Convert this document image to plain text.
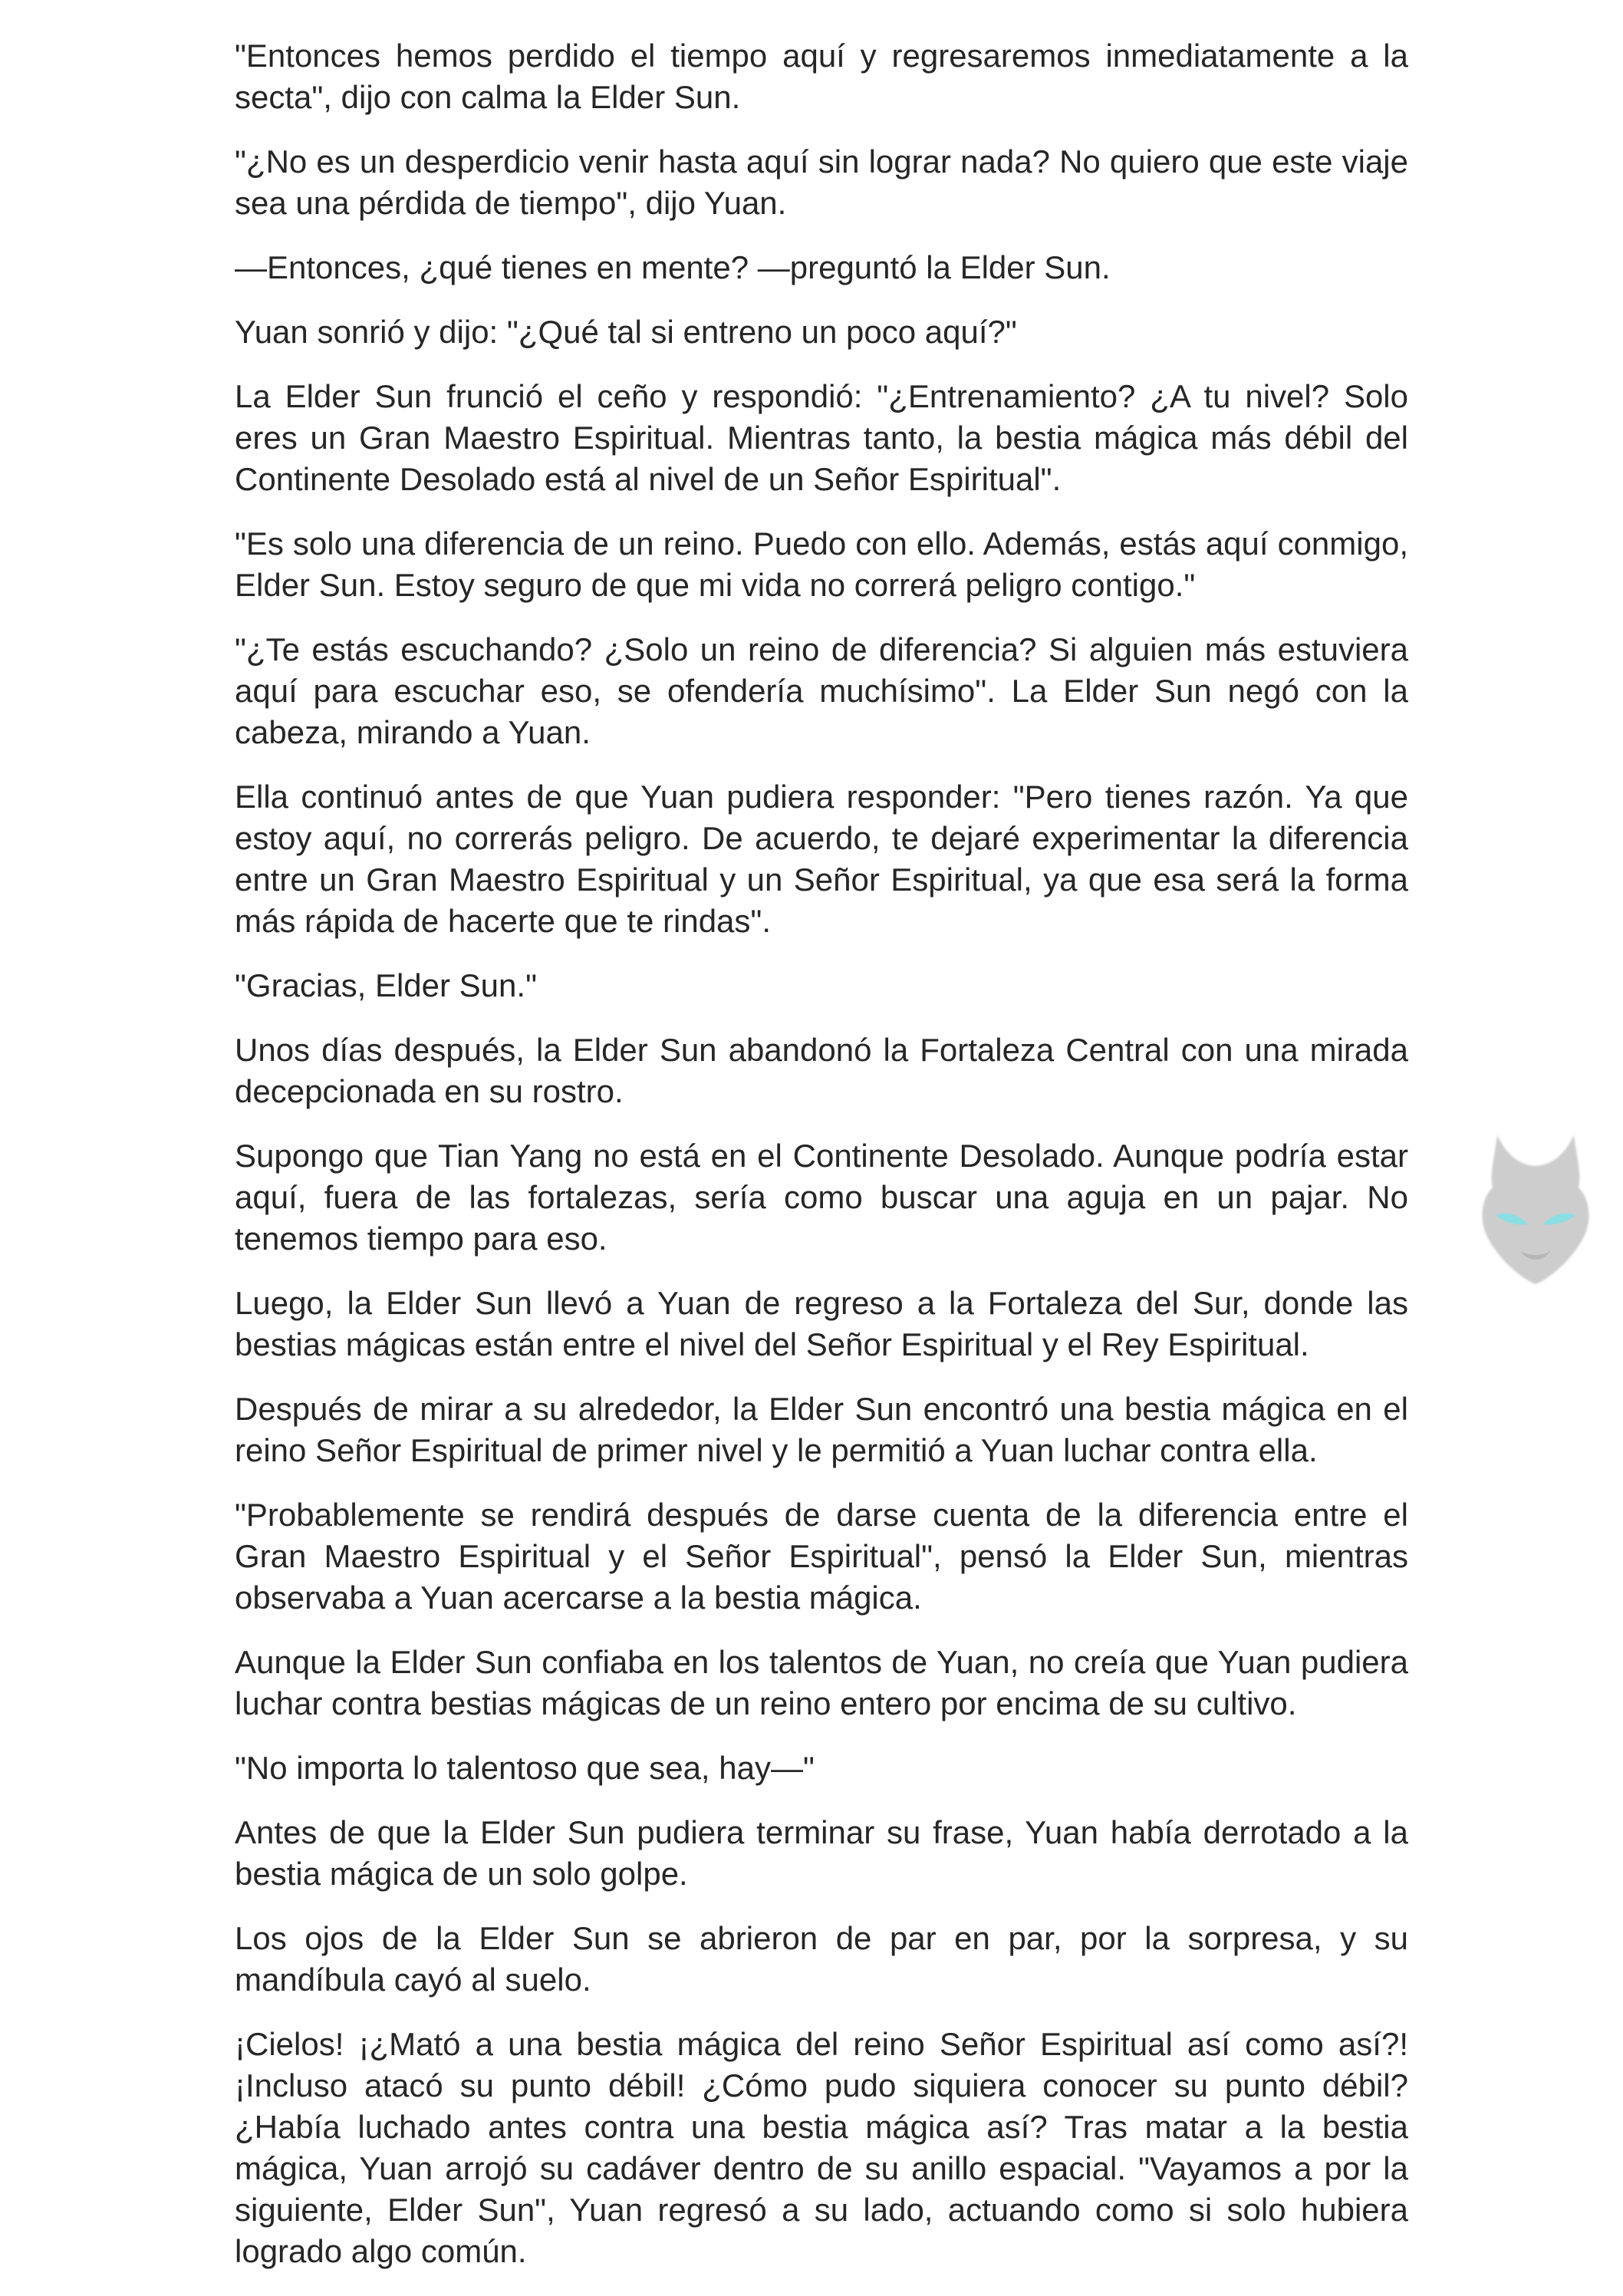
"Entonces hemos perdido el tiempo aquí y regresaremos inmediatamente a la secta", dijo con calma la Elder Sun.

"¿No es un desperdicio venir hasta aquí sin lograr nada? No quiero que este viaje sea una pérdida de tiempo", dijo Yuan.

—Entonces, ¿qué tienes en mente? —preguntó la Elder Sun.

Yuan sonrió y dijo: "¿Qué tal si entreno un poco aquí?"

La Elder Sun frunció el ceño y respondió: "¿Entrenamiento? ¿A tu nivel? Solo eres un Gran Maestro Espiritual. Mientras tanto, la bestia mágica más débil del Continente Desolado está al nivel de un Señor Espiritual".

"Es solo una diferencia de un reino. Puedo con ello. Además, estás aquí conmigo, Elder Sun. Estoy seguro de que mi vida no correrá peligro contigo."

"¿Te estás escuchando? ¿Solo un reino de diferencia? Si alguien más estuviera aquí para escuchar eso, se ofendería muchísimo". La Elder Sun negó con la cabeza, mirando a Yuan.

Ella continuó antes de que Yuan pudiera responder: "Pero tienes razón. Ya que estoy aquí, no correrás peligro. De acuerdo, te dejaré experimentar la diferencia entre un Gran Maestro Espiritual y un Señor Espiritual, ya que esa será la forma más rápida de hacerte que te rindas".

"Gracias, Elder Sun."

Unos días después, la Elder Sun abandonó la Fortaleza Central con una mirada decepcionada en su rostro.

Supongo que Tian Yang no está en el Continente Desolado. Aunque podría estar aquí, fuera de las fortalezas, sería como buscar una aguja en un pajar. No tenemos tiempo para eso.

Luego, la Elder Sun llevó a Yuan de regreso a la Fortaleza del Sur, donde las bestias mágicas están entre el nivel del Señor Espiritual y el Rey Espiritual.

Después de mirar a su alrededor, la Elder Sun encontró una bestia mágica en el reino Señor Espiritual de primer nivel y le permitió a Yuan luchar contra ella.

"Probablemente se rendirá después de darse cuenta de la diferencia entre el Gran Maestro Espiritual y el Señor Espiritual", pensó la Elder Sun, mientras observaba a Yuan acercarse a la bestia mágica.

Aunque la Elder Sun confiaba en los talentos de Yuan, no creía que Yuan pudiera luchar contra bestias mágicas de un reino entero por encima de su cultivo.

"No importa lo talentoso que sea, hay—"

Antes de que la Elder Sun pudiera terminar su frase, Yuan había derrotado a la bestia mágica de un solo golpe.

Los ojos de la Elder Sun se abrieron de par en par, por la sorpresa, y su mandíbula cayó al suelo.

¡Cielos! ¡¿Mató a una bestia mágica del reino Señor Espiritual así como así?! ¡Incluso atacó su punto débil! ¿Cómo pudo siquiera conocer su punto débil? ¿Había luchado antes contra una bestia mágica así? Tras matar a la bestia mágica, Yuan arrojó su cadáver dentro de su anillo espacial. "Vayamos a por la siguiente, Elder Sun", Yuan regresó a su lado, actuando como si solo hubiera logrado algo común.
